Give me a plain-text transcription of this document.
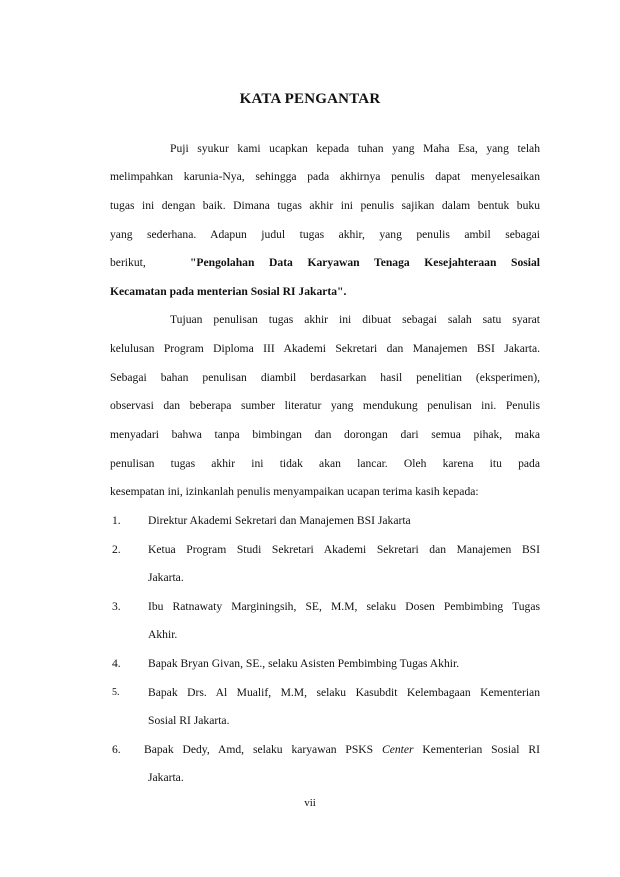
KATA PENGANTAR
Puji syukur kami ucapkan kepada tuhan yang Maha Esa, yang telah
melimpahkan karunia-Nya, sehingga pada akhirnya penulis dapat menyelesaikan
tugas ini dengan baik. Dimana tugas akhir ini penulis sajikan dalam bentuk buku
yang sederhana. Adapun judul tugas akhir, yang penulis ambil sebagai
berikut,	"Pengolahan Data Karyawan Tenaga Kesejahteraan Sosial
Kecamatan pada menterian Sosial RI Jakarta".
Tujuan penulisan tugas akhir ini dibuat sebagai salah satu syarat
kelulusan Program Diploma III Akademi Sekretari dan Manajemen BSI Jakarta.
Sebagai bahan penulisan diambil berdasarkan hasil penelitian (eksperimen),
observasi dan beberapa sumber literatur yang mendukung penulisan ini. Penulis
menyadari bahwa tanpa bimbingan dan dorongan dari semua pihak, maka
penulisan tugas akhir ini tidak akan lancar. Oleh karena itu pada
kesempatan ini, izinkanlah penulis menyampaikan ucapan terima kasih kepada:
1. Direktur Akademi Sekretari dan Manajemen BSI Jakarta
2. Ketua Program Studi Sekretari Akademi Sekretari dan Manajemen BSI
Jakarta.
3. Ibu Ratnawaty Marginingsih, SE, M.M, selaku Dosen Pembimbing Tugas
Akhir.
4. Bapak Bryan Givan, SE., selaku Asisten Pembimbing Tugas Akhir.
5. Bapak Drs. Al Mualif, M.M, selaku Kasubdit Kelembagaan Kementerian
Sosial RI Jakarta.
6. Bapak Dedy, Amd, selaku karyawan PSKS Center Kementerian Sosial RI
Jakarta.
vii
